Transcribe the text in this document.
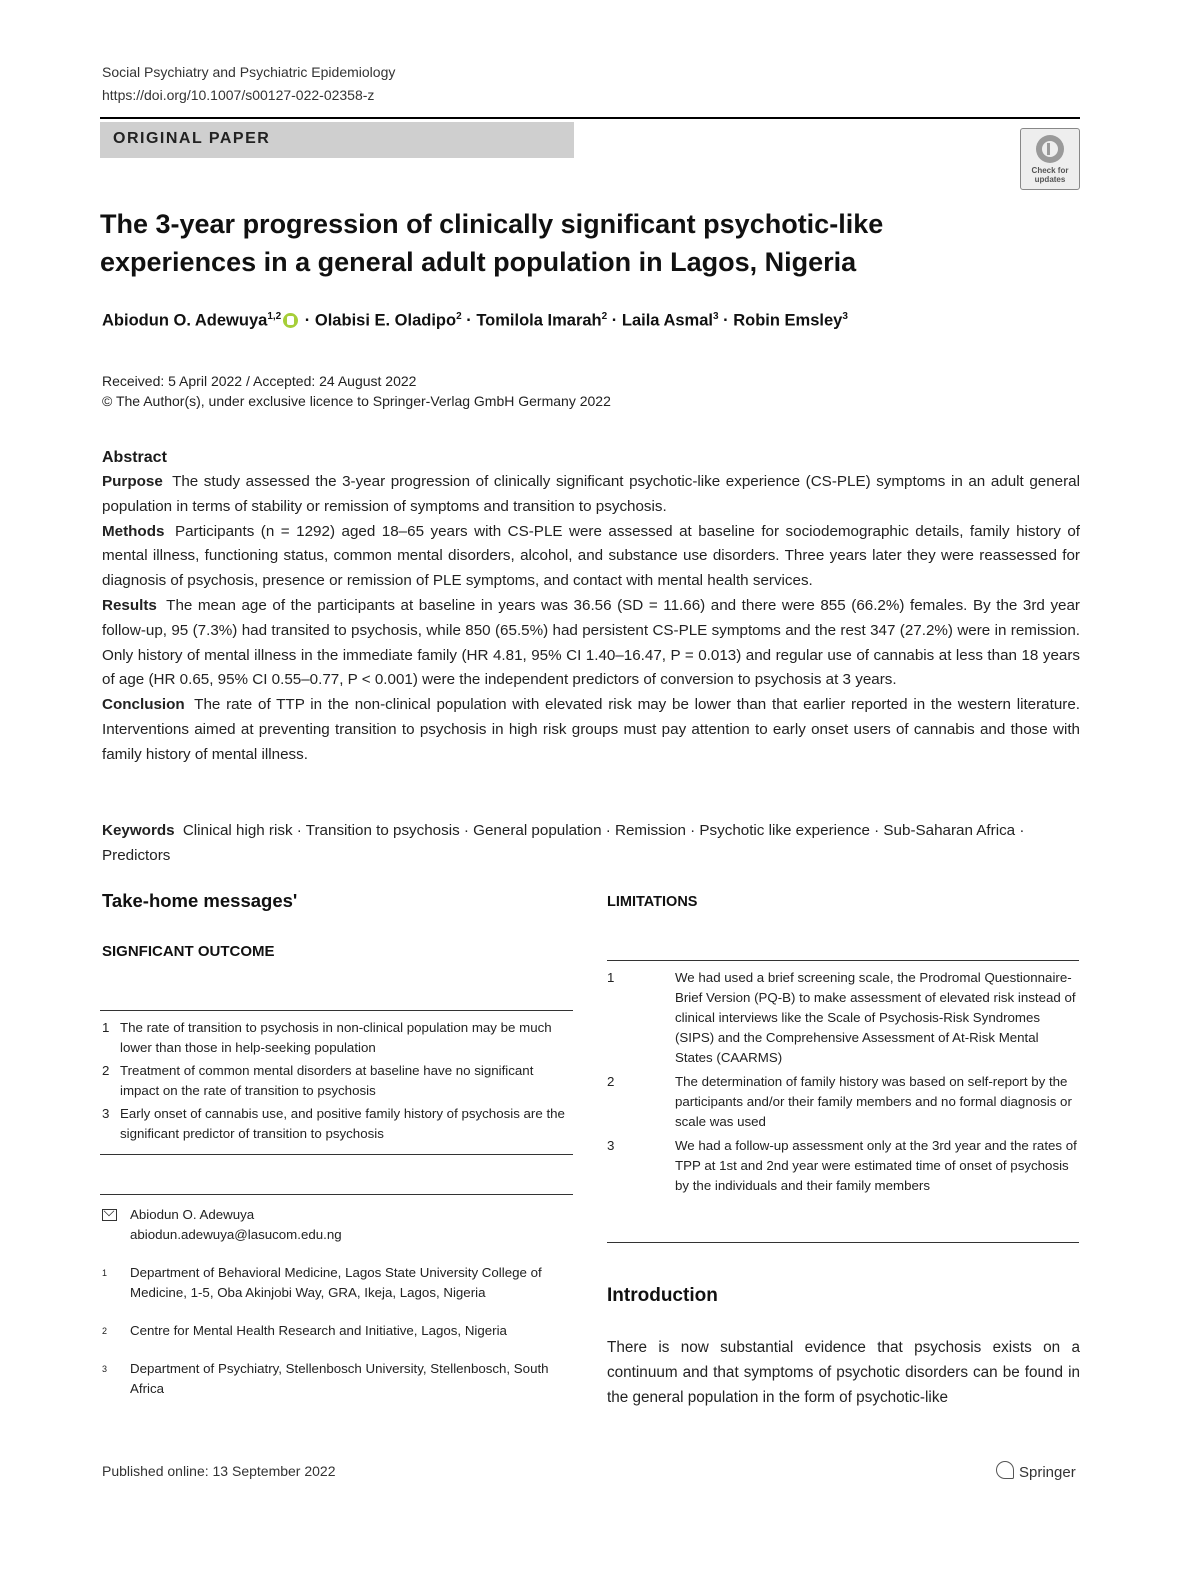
Social Psychiatry and Psychiatric Epidemiology
https://doi.org/10.1007/s00127-022-02358-z
ORIGINAL PAPER
Check for
updates
The 3-year progression of clinically significant psychotic-like experiences in a general adult population in Lagos, Nigeria
Abiodun O. Adewuya$^{1,2}$ · Olabisi E. Oladipo$^2$ · Tomilola Imarah$^2$ · Laila Asmal$^3$ · Robin Emsley$^3$
Received: 5 April 2022 / Accepted: 24 August 2022
© The Author(s), under exclusive licence to Springer-Verlag GmbH Germany 2022
Abstract

Purpose The study assessed the 3-year progression of clinically significant psychotic-like experience (CS-PLE) symptoms in an adult general population in terms of stability or remission of symptoms and transition to psychosis.

Methods Participants (n = 1292) aged 18–65 years with CS-PLE were assessed at baseline for sociodemographic details, family history of mental illness, functioning status, common mental disorders, alcohol, and substance use disorders. Three years later they were reassessed for diagnosis of psychosis, presence or remission of PLE symptoms, and contact with mental health services.

Results The mean age of the participants at baseline in years was 36.56 (SD = 11.66) and there were 855 (66.2%) females. By the 3rd year follow-up, 95 (7.3%) had transited to psychosis, while 850 (65.5%) had persistent CS-PLE symptoms and the rest 347 (27.2%) were in remission. Only history of mental illness in the immediate family (HR 4.81, 95% CI 1.40–16.47, P = 0.013) and regular use of cannabis at less than 18 years of age (HR 0.65, 95% CI 0.55–0.77, P < 0.001) were the independent predictors of conversion to psychosis at 3 years.

Conclusion The rate of TTP in the non-clinical population with elevated risk may be lower than that earlier reported in the western literature. Interventions aimed at preventing transition to psychosis in high risk groups must pay attention to early onset users of cannabis and those with family history of mental illness.

Keywords Clinical high risk · Transition to psychosis · General population · Remission · Psychotic like experience · Sub-Saharan Africa · Predictors
Take-home messages'
SIGNFICANT OUTCOME
1 The rate of transition to psychosis in non-clinical population may be much lower than those in help-seeking population
2 Treatment of common mental disorders at baseline have no significant impact on the rate of transition to psychosis
3 Early onset of cannabis use, and positive family history of psychosis are the significant predictor of transition to psychosis
LIMITATIONS
1	We had used a brief screening scale, the Prodromal Questionnaire-Brief Version (PQ-B) to make assessment of elevated risk instead of clinical interviews like the Scale of Psychosis-Risk Syndromes (SIPS) and the Comprehensive Assessment of At-Risk Mental States (CAARMS)
2	The determination of family history was based on self-report by the participants and/or their family members and no formal diagnosis or scale was used
3	We had a follow-up assessment only at the 3rd year and the rates of TPP at 1st and 2nd year were estimated time of onset of psychosis by the individuals and their family members
Abiodun O. Adewuya
abiodun.adewuya@lasucom.edu.ng
$^1$ Department of Behavioral Medicine, Lagos State University College of Medicine, 1-5, Oba Akinjobi Way, GRA, Ikeja, Lagos, Nigeria
$^2$ Centre for Mental Health Research and Initiative, Lagos, Nigeria
$^3$ Department of Psychiatry, Stellenbosch University, Stellenbosch, South Africa
Introduction
There is now substantial evidence that psychosis exists on a continuum and that symptoms of psychotic disorders can be found in the general population in the form of psychotic-like
Published online: 13 September 2022	Springer
